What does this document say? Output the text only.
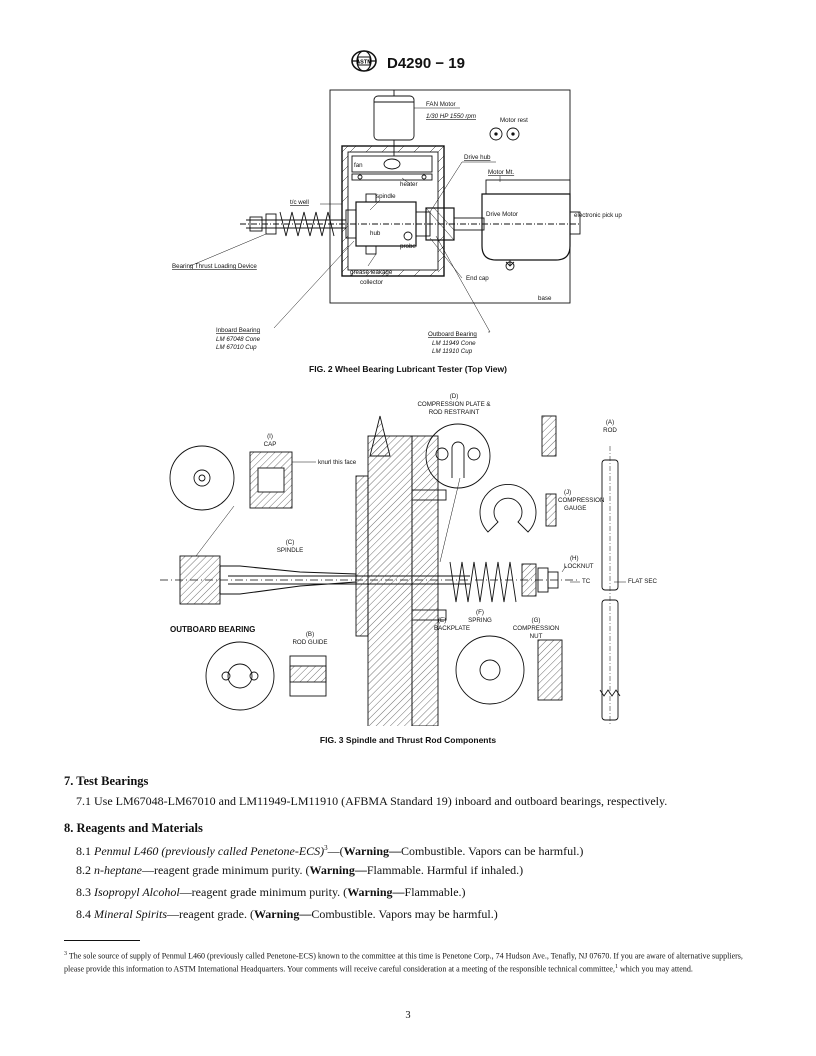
ASTM D4290 − 19
FAN Motor
1/30 HP 1550 rpm
Motor rest
fan
heater
Drive hub
Motor Mt.
Drive Motor	electronic pick up
t/c well
spindle
hub
probe
Bearing Thrust Loading Device
grease leakage
collector
End cap
base
Inboard Bearing
LM 67048 Cone
LM 67010 Cup
Outboard Bearing
LM 11949 Cone
LM 11910 Cup
FIG. 2 Wheel Bearing Lubricant Tester (Top View)
(D)
COMPRESSION PLATE &
ROD RESTRAINT
(A)
ROD
(I)
CAP
knurl this face
(J)
COMPRESSION
GAUGE
(C)
SPINDLE
(H)
LOCKNUT
TC	FLAT SEC
OUTBOARD BEARING
(E)
BACKPLATE
(F)
SPRING	(G)
COMPRESSION
NUT
(B)
ROD GUIDE
FIG. 3 Spindle and Thrust Rod Components
7. Test Bearings
7.1 Use LM67048-LM67010 and LM11949-LM11910 (AFBMA Standard 19) inboard and outboard bearings, respectively.
8. Reagents and Materials
8.1 Penmul L460 (previously called Penetone-ECS)$^3$—(Warning—Combustible. Vapors can be harmful.)
8.2 n-heptane—reagent grade minimum purity. (Warning—Flammable. Harmful if inhaled.)
8.3 Isopropyl Alcohol—reagent grade minimum purity. (Warning—Flammable.)
8.4 Mineral Spirits—reagent grade. (Warning—Combustible. Vapors may be harmful.)
$^3$ The sole source of supply of Penmul L460 (previously called Penetone-ECS) known to the committee at this time is Penetone Corp., 74 Hudson Ave., Tenafly, NJ 07670. If you are aware of alternative suppliers, please provide this information to ASTM International Headquarters. Your comments will receive careful consideration at a meeting of the responsible technical committee,$^1$ which you may attend.
3
